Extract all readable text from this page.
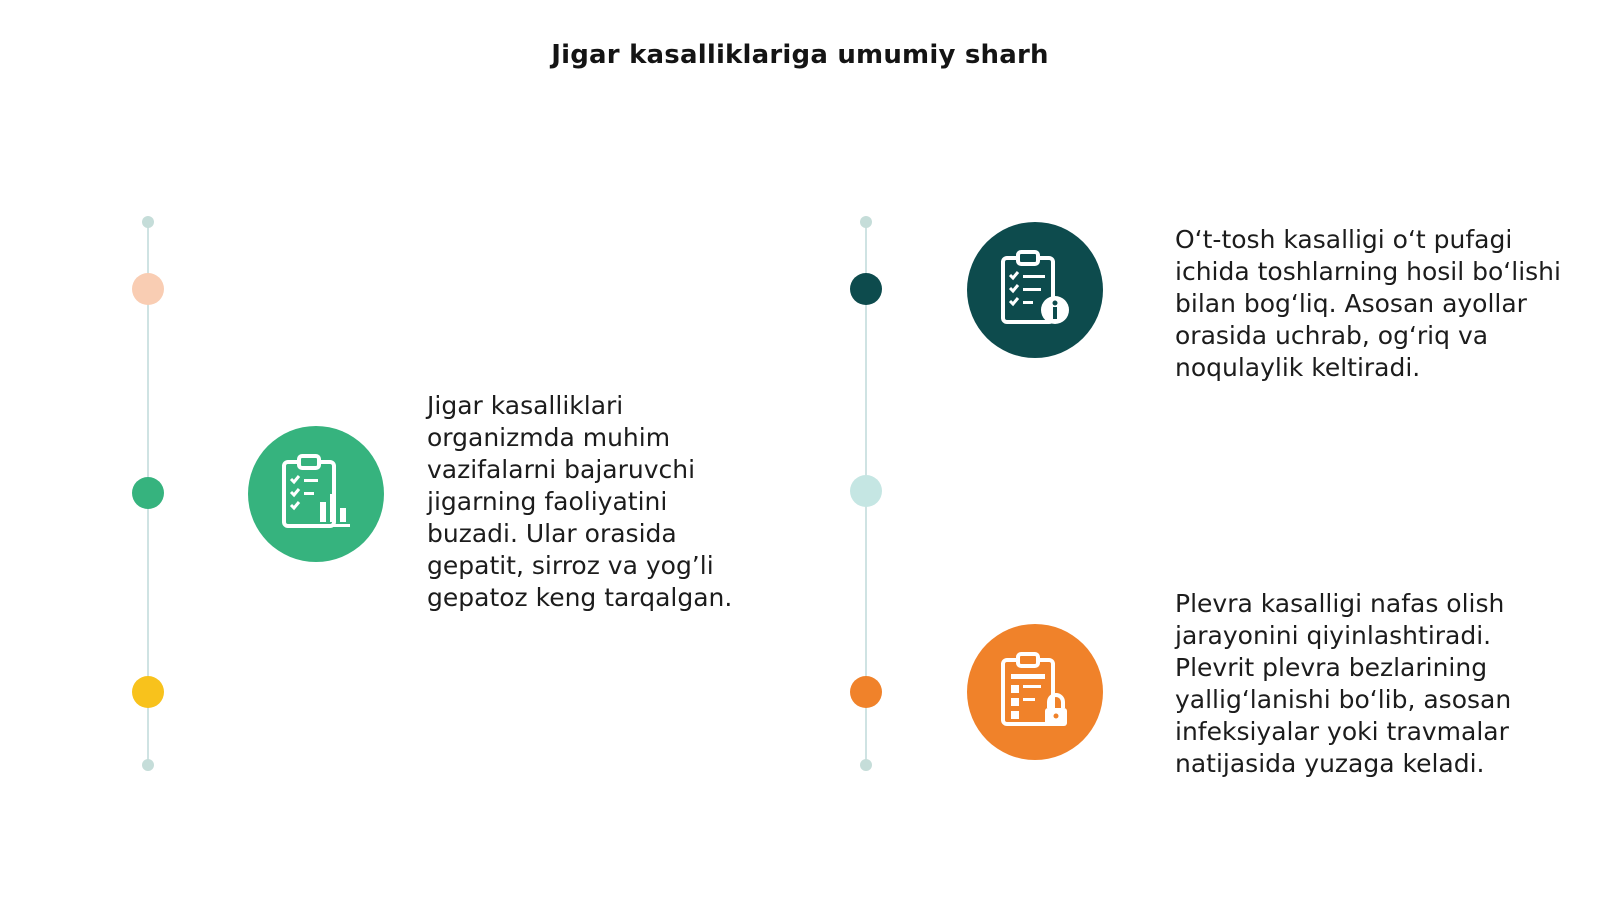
Jigar kasalliklariga umumiy sharh

Jigar kasalliklari organizmda muhim vazifalarni bajaruvchi jigarning faoliyatini buzadi. Ular orasida gepatit, sirroz va yog’li gepatoz keng tarqalgan.

O‘t-tosh kasalligi o‘t pufagi ichida toshlarning hosil bo‘lishi bilan bog‘liq. Asosan ayollar orasida uchrab, og‘riq va noqulaylik keltiradi.

Plevra kasalligi nafas olish jarayonini qiyinlashtiradi. Plevrit plevra bezlarining yallig‘lanishi bo‘lib, asosan infeksiyalar yoki travmalar natijasida yuzaga keladi.
